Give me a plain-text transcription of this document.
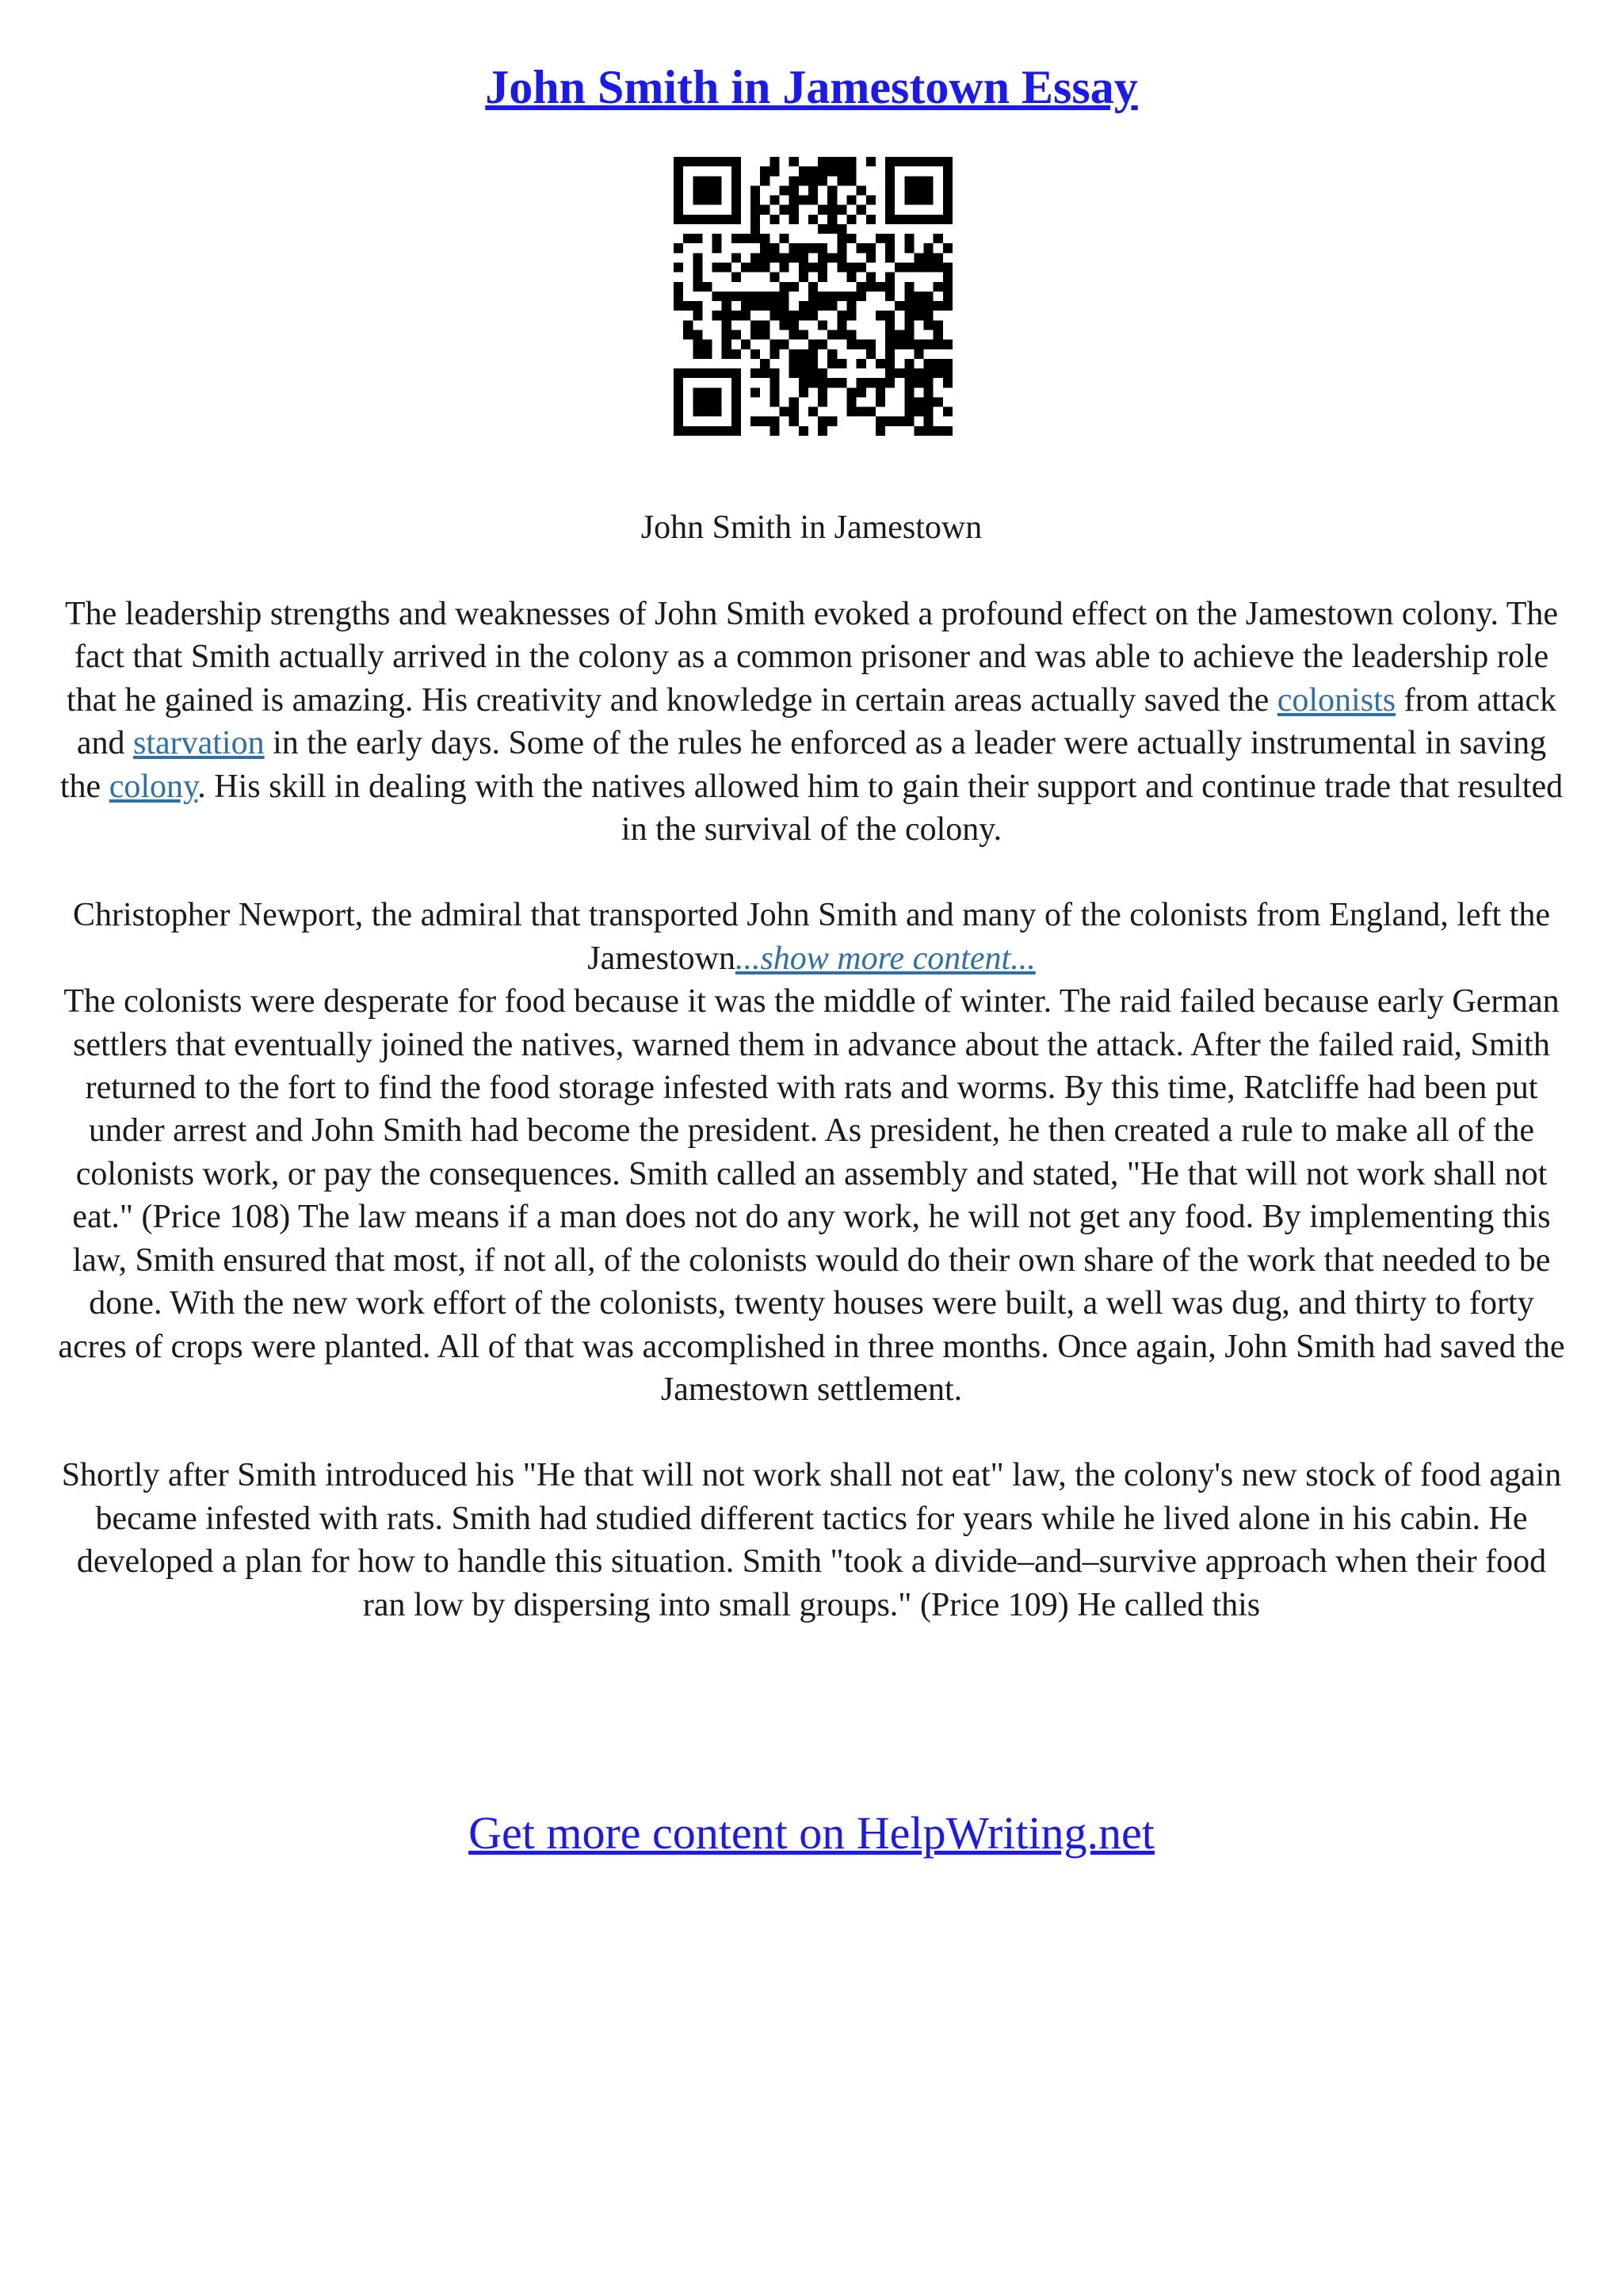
John Smith in Jamestown Essay
John Smith in Jamestown

The leadership strengths and weaknesses of John Smith evoked a profound effect on the Jamestown colony. The fact that Smith actually arrived in the colony as a common prisoner and was able to achieve the leadership role that he gained is amazing. His creativity and knowledge in certain areas actually saved the colonists from attack and starvation in the early days. Some of the rules he enforced as a leader were actually instrumental in saving the colony. His skill in dealing with the natives allowed him to gain their support and continue trade that resulted in the survival of the colony.

Christopher Newport, the admiral that transported John Smith and many of the colonists from England, left the Jamestown...show more content...

The colonists were desperate for food because it was the middle of winter. The raid failed because early German settlers that eventually joined the natives, warned them in advance about the attack. After the failed raid, Smith returned to the fort to find the food storage infested with rats and worms. By this time, Ratcliffe had been put under arrest and John Smith had become the president. As president, he then created a rule to make all of the colonists work, or pay the consequences. Smith called an assembly and stated, "He that will not work shall not eat." (Price 108) The law means if a man does not do any work, he will not get any food. By implementing this law, Smith ensured that most, if not all, of the colonists would do their own share of the work that needed to be done. With the new work effort of the colonists, twenty houses were built, a well was dug, and thirty to forty acres of crops were planted. All of that was accomplished in three months. Once again, John Smith had saved the Jamestown settlement.

Shortly after Smith introduced his "He that will not work shall not eat" law, the colony's new stock of food again became infested with rats. Smith had studied different tactics for years while he lived alone in his cabin. He developed a plan for how to handle this situation. Smith "took a divide–and–survive approach when their food ran low by dispersing into small groups." (Price 109) He called this

Get more content on HelpWriting.net
